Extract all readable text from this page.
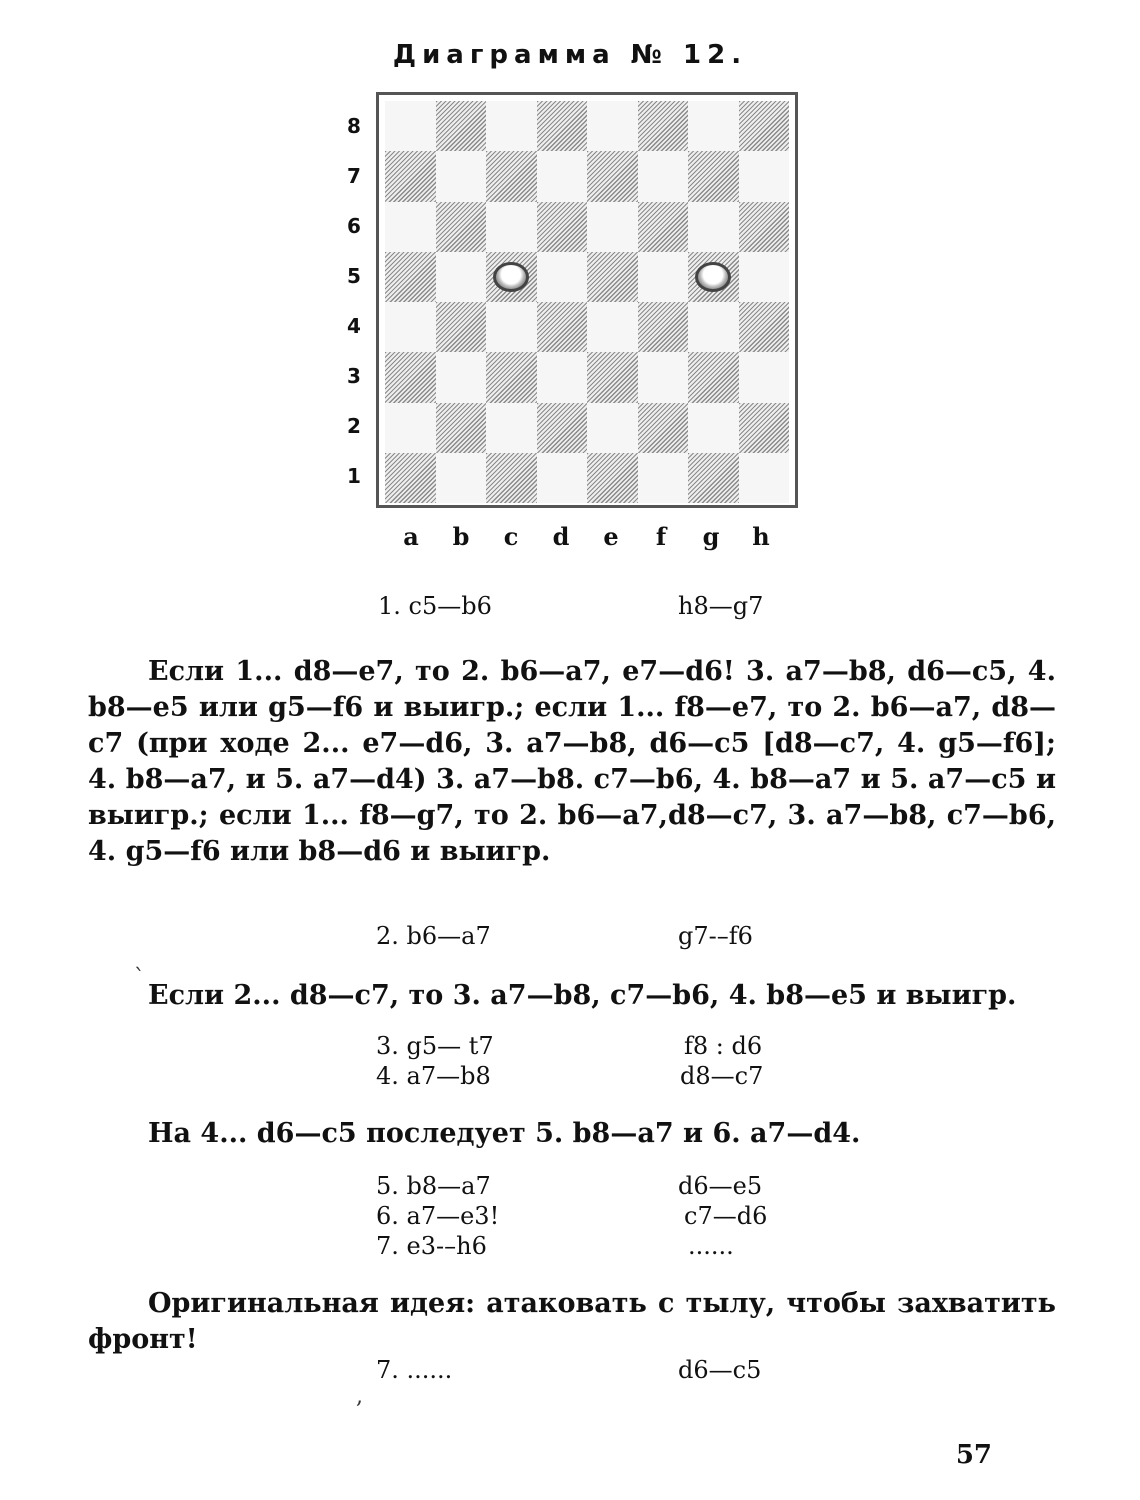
Диаграмма № 12.
8
7
6
5
4
3
2
1
a	b	c	d	e	f	g	h
1. c5—b6	h8—g7
Если 1... d8—e7, то 2. b6—a7, e7—d6! 3. a7—b8, d6—c5, 4. b8—e5 или g5—f6 и выигр.; если 1... f8—e7, то 2. b6—a7, d8—c7 (при ходе 2... e7—d6, 3. a7—b8, d6—c5 [d8—c7, 4. g5—f6]; 4. b8—a7, и 5. a7—d4) 3. a7—b8. c7—b6, 4. b8—a7 и 5. a7—c5 и выигр.; если 1... f8—g7, то 2. b6—a7,d8—c7, 3. a7—b8, c7—b6, 4. g5—f6 или b8—d6 и выигр.
2. b6—a7	g7-–f6
`
Если 2... d8—c7, то 3. a7—b8, c7—b6, 4. b8—e5 и выигр.
3. g5— t7	f8 : d6
4. a7—b8	d8—c7
На 4... d6—c5 последует 5. b8—a7 и 6. a7—d4.
5. b8—a7	d6—e5
6. a7—e3!	c7—d6
7. e3-–h6	......
Оригинальная идея: атаковать с тылу, чтобы захватить фронт!
7. ......	d6—c5
,
57
